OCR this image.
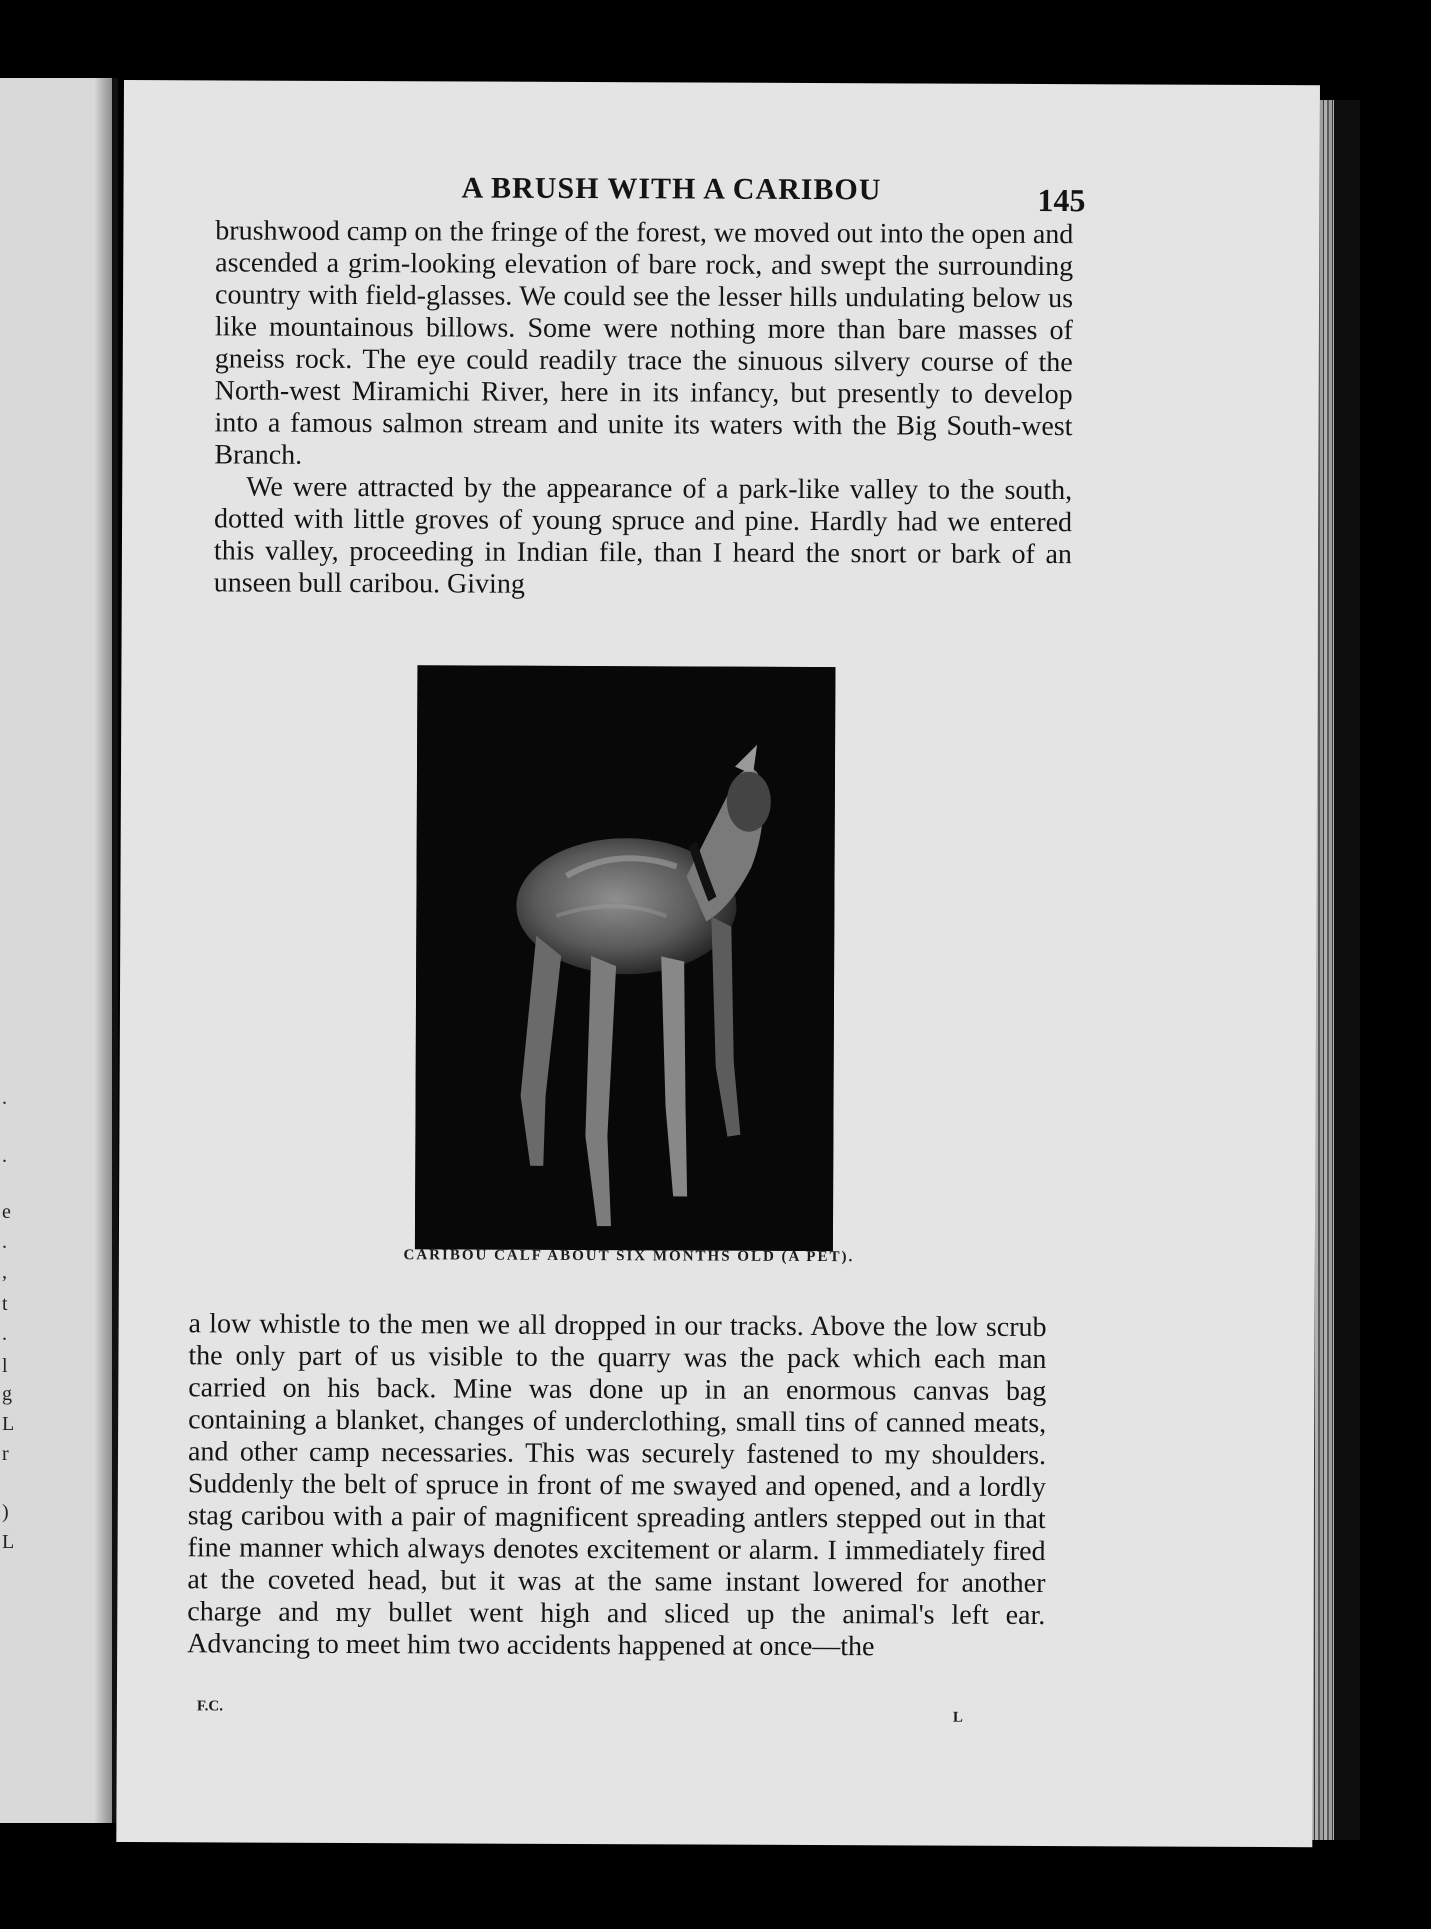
.
.
e
.
,
t
.
l
g
L
r
)
L
A BRUSH WITH A CARIBOU	145

brushwood camp on the fringe of the forest, we moved out into the open and ascended a grim-looking elevation of bare rock, and swept the surrounding country with field-glasses. We could see the lesser hills undulating below us like mountainous billows. Some were nothing more than bare masses of gneiss rock. The eye could readily trace the sinuous silvery course of the North-west Miramichi River, here in its infancy, but presently to develop into a famous salmon stream and unite its waters with the Big South-west Branch.

We were attracted by the appearance of a park-like valley to the south, dotted with little groves of young spruce and pine. Hardly had we entered this valley, proceeding in Indian file, than I heard the snort or bark of an unseen bull caribou. Giving

CARIBOU CALF ABOUT SIX MONTHS OLD (A PET).

a low whistle to the men we all dropped in our tracks. Above the low scrub the only part of us visible to the quarry was the pack which each man carried on his back. Mine was done up in an enormous canvas bag containing a blanket, changes of underclothing, small tins of canned meats, and other camp necessaries. This was securely fastened to my shoulders. Suddenly the belt of spruce in front of me swayed and opened, and a lordly stag caribou with a pair of magnificent spreading antlers stepped out in that fine manner which always denotes excitement or alarm. I immediately fired at the coveted head, but it was at the same instant lowered for another charge and my bullet went high and sliced up the animal's left ear. Advancing to meet him two accidents happened at once—the

F.C.
L
